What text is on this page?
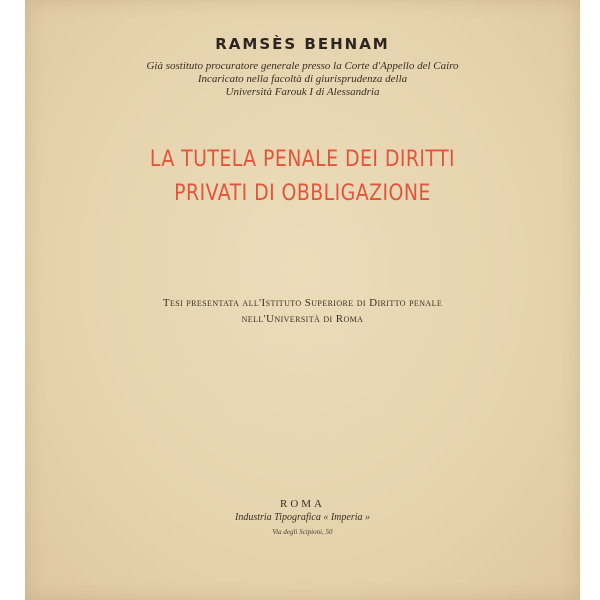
RAMSÈS BEHNAM
Già sostituto procuratore generale presso la Corte d'Appello del Cairo
Incaricato nella facoltà di giurisprudenza della
Università Farouk I di Alessandria
LA TUTELA PENALE DEI DIRITTI
PRIVATI DI OBBLIGAZIONE
Tesi presentata all'Istituto Superiore di Diritto penale
nell'Università di Roma
ROMA
Industria Tipografica « Imperia »
Via degli Scipioni, 50
